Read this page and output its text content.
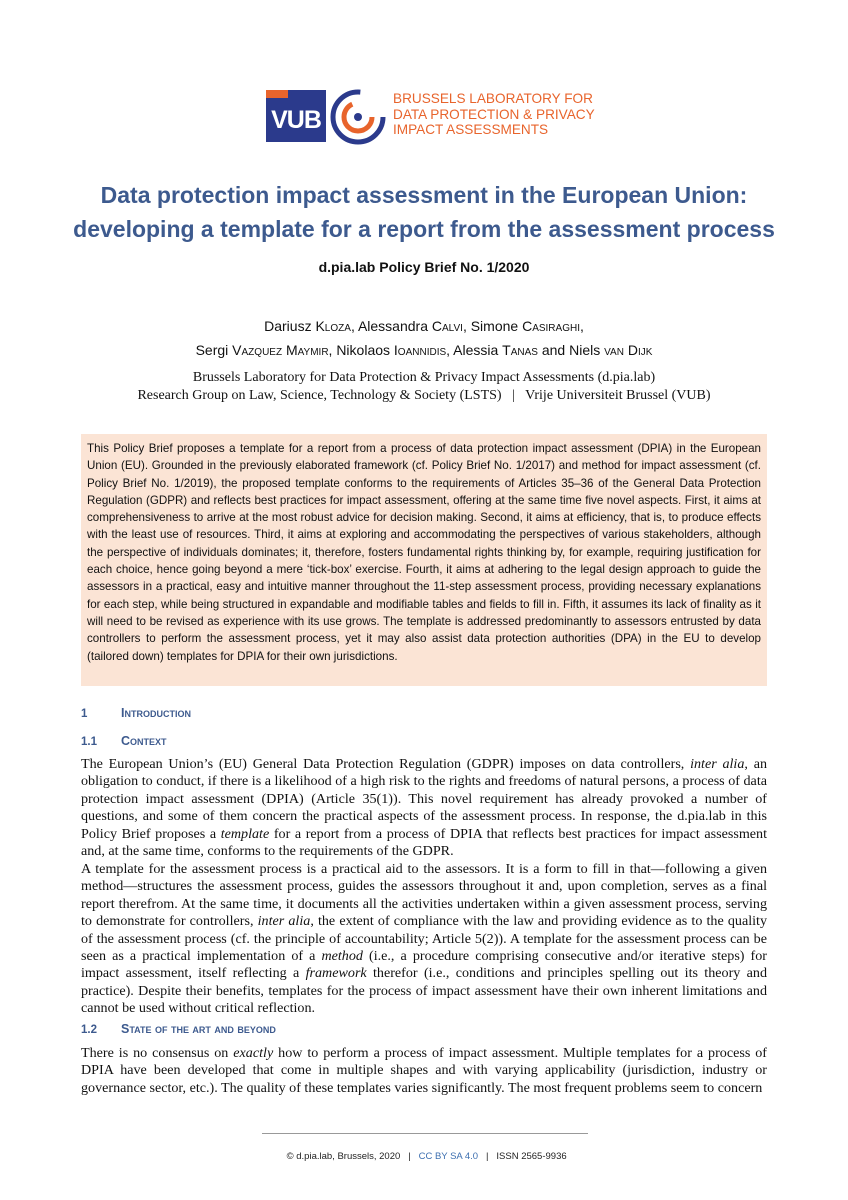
VUB
BRUSSELS LABORATORY FOR
DATA PROTECTION & PRIVACY
IMPACT ASSESSMENTS
Data protection impact assessment in the European Union:
developing a template for a report from the assessment process
d.pia.lab Policy Brief No. 1/2020
Dariusz Kloza, Alessandra Calvi, Simone Casiraghi,
Sergi Vazquez Maymir, Nikolaos Ioannidis, Alessia Tanas and Niels van Dijk
Brussels Laboratory for Data Protection & Privacy Impact Assessments (d.pia.lab)
Research Group on Law, Science, Technology & Society (LSTS)   |   Vrije Universiteit Brussel (VUB)
This Policy Brief proposes a template for a report from a process of data protection impact assessment (DPIA) in the European Union (EU). Grounded in the previously elaborated framework (cf. Policy Brief No. 1/2017) and method for impact assessment (cf. Policy Brief No. 1/2019), the proposed template conforms to the requirements of Articles 35–36 of the General Data Protection Regulation (GDPR) and reflects best practices for impact assessment, offering at the same time five novel aspects. First, it aims at comprehensiveness to arrive at the most robust advice for decision making. Second, it aims at efficiency, that is, to produce effects with the least use of resources. Third, it aims at exploring and accommodating the perspectives of various stakeholders, although the perspective of individuals dominates; it, therefore, fosters fundamental rights thinking by, for example, requiring justification for each choice, hence going beyond a mere ‘tick-box’ exercise. Fourth, it aims at adhering to the legal design approach to guide the assessors in a practical, easy and intuitive manner throughout the 11-step assessment process, providing necessary explanations for each step, while being structured in expandable and modifiable tables and fields to fill in. Fifth, it assumes its lack of finality as it will need to be revised as experience with its use grows. The template is addressed predominantly to assessors entrusted by data controllers to perform the assessment process, yet it may also assist data protection authorities (DPA) in the EU to develop (tailored down) templates for DPIA for their own jurisdictions.
1	Introduction
1.1 Context

The European Union’s (EU) General Data Protection Regulation (GDPR) imposes on data controllers, inter alia, an obligation to conduct, if there is a likelihood of a high risk to the rights and freedoms of natural persons, a process of data protection impact assessment (DPIA) (Article 35(1)). This novel requirement has already provoked a number of questions, and some of them concern the practical aspects of the assessment process. In response, the d.pia.lab in this Policy Brief proposes a template for a report from a process of DPIA that reflects best practices for impact assessment and, at the same time, conforms to the requirements of the GDPR.

A template for the assessment process is a practical aid to the assessors. It is a form to fill in that—following a given method—structures the assessment process, guides the assessors throughout it and, upon completion, serves as a final report therefrom. At the same time, it documents all the activities undertaken within a given assessment process, serving to demonstrate for controllers, inter alia, the extent of compliance with the law and providing evidence as to the quality of the assessment process (cf. the principle of accountability; Article 5(2)). A template for the assessment process can be seen as a practical implementation of a method (i.e., a procedure comprising consecutive and/or iterative steps) for impact assessment, itself reflecting a framework therefor (i.e., conditions and principles spelling out its theory and practice). Despite their benefits, templates for the process of impact assessment have their own inherent limitations and cannot be used without critical reflection.

1.2 State of the art and beyond

There is no consensus on exactly how to perform a process of impact assessment. Multiple templates for a process of DPIA have been developed that come in multiple shapes and with varying applicability (jurisdiction, industry or governance sector, etc.). The quality of these templates varies significantly. The most frequent problems seem to concern

© d.pia.lab, Brussels, 2020   |   CC BY SA 4.0   |   ISSN 2565-9936
